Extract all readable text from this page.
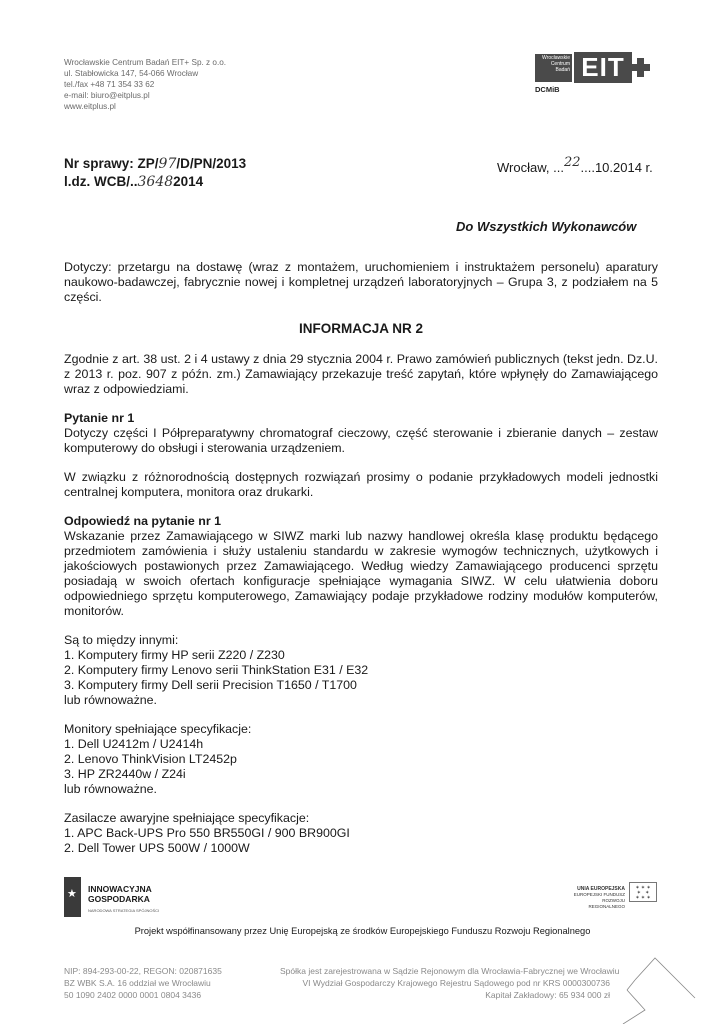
Wrocławskie Centrum Badań EIT+ Sp. z o.o.
ul. Stabłowicka 147, 54-066 Wrocław
tel./fax +48 71 354 33 62
e-mail: biuro@eitplus.pl
www.eitplus.pl
Wrocławskie
Centrum
Badań EIT
DCMiB
Nr sprawy: ZP/97/D/PN/2013
l.dz. WCB/..36482014
Wrocław, ...22....10.2014 r.
Do Wszystkich Wykonawców

Dotyczy: przetargu na dostawę (wraz z montażem, uruchomieniem i instruktażem personelu) aparatury naukowo-badawczej, fabrycznie nowej i kompletnej urządzeń laboratoryjnych – Grupa 3, z podziałem na 5 części.

INFORMACJA NR 2

Zgodnie z art. 38 ust. 2 i 4 ustawy z dnia 29 stycznia 2004 r. Prawo zamówień publicznych (tekst jedn. Dz.U. z 2013 r. poz. 907 z późn. zm.) Zamawiający przekazuje treść zapytań, które wpłynęły do Zamawiającego wraz z odpowiedziami.

Pytanie nr 1

Dotyczy części I Półpreparatywny chromatograf cieczowy, część sterowanie i zbieranie danych – zestaw komputerowy do obsługi i sterowania urządzeniem.

W związku z różnorodnością dostępnych rozwiązań prosimy o podanie przykładowych modeli jednostki centralnej komputera, monitora oraz drukarki.

Odpowiedź na pytanie nr 1

Wskazanie przez Zamawiającego w SIWZ marki lub nazwy handlowej określa klasę produktu będącego przedmiotem zamówienia i służy ustaleniu standardu w zakresie wymogów technicznych, użytkowych i jakościowych postawionych przez Zamawiającego. Według wiedzy Zamawiającego producenci sprzętu posiadają w swoich ofertach konfiguracje spełniające wymagania SIWZ. W celu ułatwienia doboru odpowiedniego sprzętu komputerowego, Zamawiający podaje przykładowe rodziny modułów komputerów, monitorów.

Są to między innymi:

1. Komputery firmy HP serii Z220 / Z230

2. Komputery firmy Lenovo serii ThinkStation E31 / E32

3. Komputery firmy Dell serii Precision T1650 / T1700

lub równoważne.

Monitory spełniające specyfikacje:

1. Dell U2412m / U2414h

2. Lenovo ThinkVision LT2452p

3. HP ZR2440w / Z24i

lub równoważne.

Zasilacze awaryjne spełniające specyfikacje:

1. APC Back-UPS Pro 550 BR550GI / 900 BR900GI

2. Dell Tower UPS 500W / 1000W

★
INNOWACYJNA
GOSPODARKA
NARODOWA STRATEGIA SPÓJNOŚCI
UNIA EUROPEJSKA
EUROPEJSKI FUNDUSZ
ROZWOJU REGIONALNEGO
✶ ✶ ✶
✶   ✶
✶ ✶ ✶
Projekt współfinansowany przez Unię Europejską ze środków Europejskiego Funduszu Rozwoju Regionalnego
NIP: 894-293-00-22, REGON: 020871635
BZ WBK S.A. 16 oddział we Wrocławiu
50 1090 2402 0000 0001 0804 3436
Spółka jest zarejestrowana w Sądzie Rejonowym dla Wrocławia-Fabrycznej we Wrocławiu
VI Wydział Gospodarczy Krajowego Rejestru Sądowego pod nr KRS 0000300736
Kapitał Zakładowy: 65 934 000 zł
